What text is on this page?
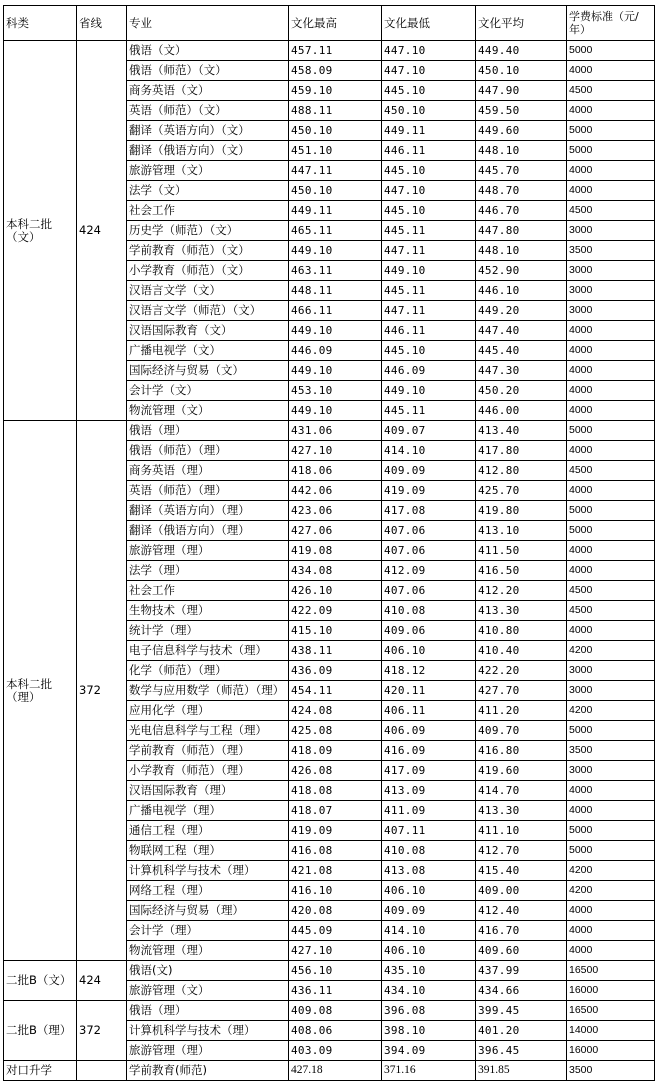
科类	省线	专业	文化最高	文化最低	文化平均	学费标准（元/年）
本科二批（文）	424	俄语（文）	457.11	447.10	449.40	5000
		俄语（师范）（文）	458.09	447.10	450.10	4000
		商务英语（文）	459.10	445.10	447.90	4500
		英语（师范）（文）	488.11	450.10	459.50	4000
		翻译（英语方向）（文）	450.10	449.11	449.60	5000
		翻译（俄语方向）（文）	451.10	446.11	448.10	5000
		旅游管理（文）	447.11	445.10	445.70	4000
		法学（文）	450.10	447.10	448.70	4000
		社会工作	449.11	445.10	446.70	4500
		历史学（师范）（文）	465.11	445.11	447.80	3000
		学前教育（师范）（文）	449.10	447.11	448.10	3500
		小学教育（师范）（文）	463.11	449.10	452.90	3000
		汉语言文学（文）	448.11	445.11	446.10	3000
		汉语言文学（师范）（文）	466.11	447.11	449.20	3000
		汉语国际教育（文）	449.10	446.11	447.40	4000
		广播电视学（文）	446.09	445.10	445.40	4000
		国际经济与贸易（文）	449.10	446.09	447.30	4000
		会计学（文）	453.10	449.10	450.20	4000
		物流管理（文）	449.10	445.11	446.00	4000
本科二批（理）	372	俄语（理）	431.06	409.07	413.40	5000
		俄语（师范）（理）	427.10	414.10	417.80	4000
		商务英语（理）	418.06	409.09	412.80	4500
		英语（师范）（理）	442.06	419.09	425.70	4000
		翻译（英语方向）（理）	423.06	417.08	419.80	5000
		翻译（俄语方向）（理）	427.06	407.06	413.10	5000
		旅游管理（理）	419.08	407.06	411.50	4000
		法学（理）	434.08	412.09	416.50	4000
		社会工作	426.10	407.06	412.20	4500
		生物技术（理）	422.09	410.08	413.30	4500
		统计学（理）	415.10	409.06	410.80	4000
		电子信息科学与技术（理）	438.11	406.10	410.40	4200
		化学（师范）（理）	436.09	418.12	422.20	3000
		数学与应用数学（师范）（理）	454.11	420.11	427.70	3000
		应用化学（理）	424.08	406.11	411.20	4200
		光电信息科学与工程（理）	425.08	406.09	409.70	5000
		学前教育（师范）（理）	418.09	416.09	416.80	3500
		小学教育（师范）（理）	426.08	417.09	419.60	3000
		汉语国际教育（理）	418.08	413.09	414.70	4000
		广播电视学（理）	418.07	411.09	413.30	4000
		通信工程（理）	419.09	407.11	411.10	5000
		物联网工程（理）	416.08	410.08	412.70	5000
		计算机科学与技术（理）	421.08	413.08	415.40	4200
		网络工程（理）	416.10	406.10	409.00	4200
		国际经济与贸易（理）	420.08	409.09	412.40	4000
		会计学（理）	445.09	414.10	416.70	4000
		物流管理（理）	427.10	406.10	409.60	4000
二批B（文）	424	俄语(文)	456.10	435.10	437.99	16500
		旅游管理（文）	436.11	434.10	434.66	16000
二批B（理）	372	俄语（理）	409.08	396.08	399.45	16500
		计算机科学与技术（理）	408.06	398.10	401.20	14000
		旅游管理（理）	403.09	394.09	396.45	16000
对口升学		学前教育(师范)	427.18	371.16	391.85	3500
